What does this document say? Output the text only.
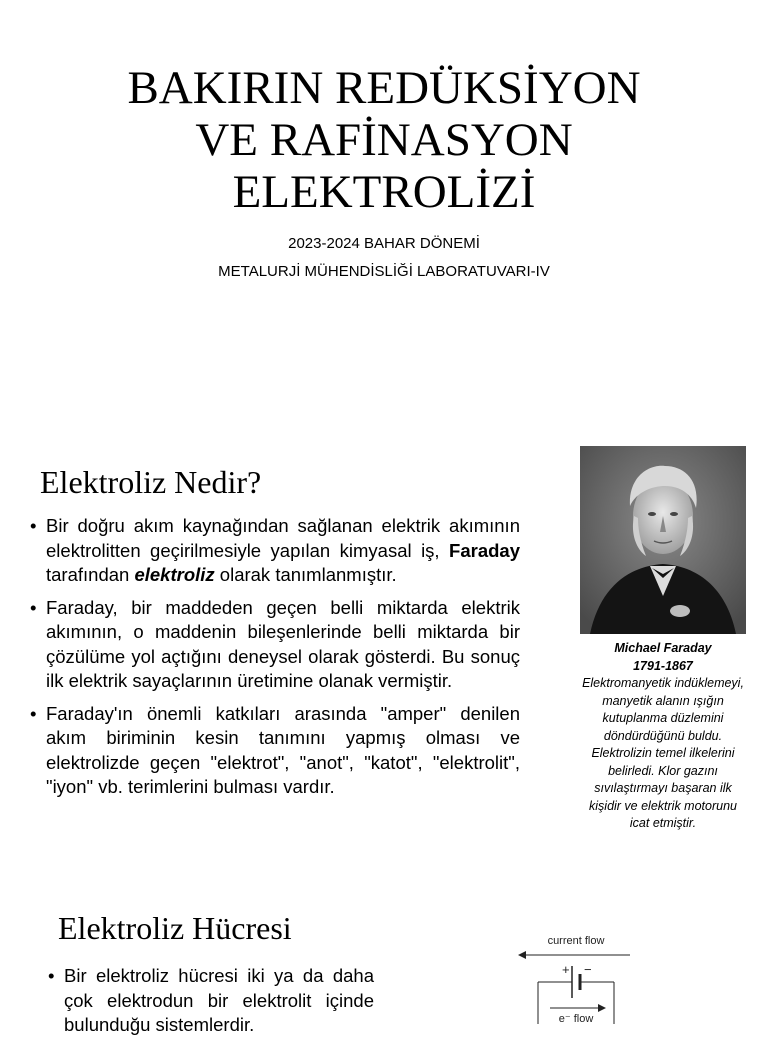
BAKIRIN REDÜKSİYON
VE RAFİNASYON
ELEKTROLİZİ
2023-2024 BAHAR DÖNEMİ
METALURJİ MÜHENDİSLİĞİ LABORATUVARI-IV
Elektroliz Nedir?
• Bir doğru akım kaynağından sağlanan elektrik akımının elektrolitten geçirilmesiyle yapılan kimyasal iş, Faraday tarafından elektroliz olarak tanımlanmıştır.
• Faraday, bir maddeden geçen belli miktarda elektrik akımının, o maddenin bileşenlerinde belli miktarda bir çözülüme yol açtığını deneysel olarak gösterdi. Bu sonuç ilk elektrik sayaçlarının üretimine olanak vermiştir.
• Faraday'ın önemli katkıları arasında "amper" denilen akım biriminin kesin tanımını yapmış olması ve elektrolizde geçen "elektrot", "anot", "katot", "elektrolit", "iyon" vb. terimlerini bulması vardır.
Michael Faraday
1791-1867
Elektromanyetik indüklemeyi, manyetik alanın ışığın kutuplanma düzlemini döndürdüğünü buldu. Elektrolizin temel ilkelerini belirledi. Klor gazını sıvılaştırmayı başaran ilk kişidir ve elektrik motorunu icat etmiştir.
Elektroliz Hücresi
• Bir elektroliz hücresi iki ya da daha çok elektrodun bir elektrolit içinde bulunduğu sistemlerdir.
current flow
+ −
e⁻ flow
